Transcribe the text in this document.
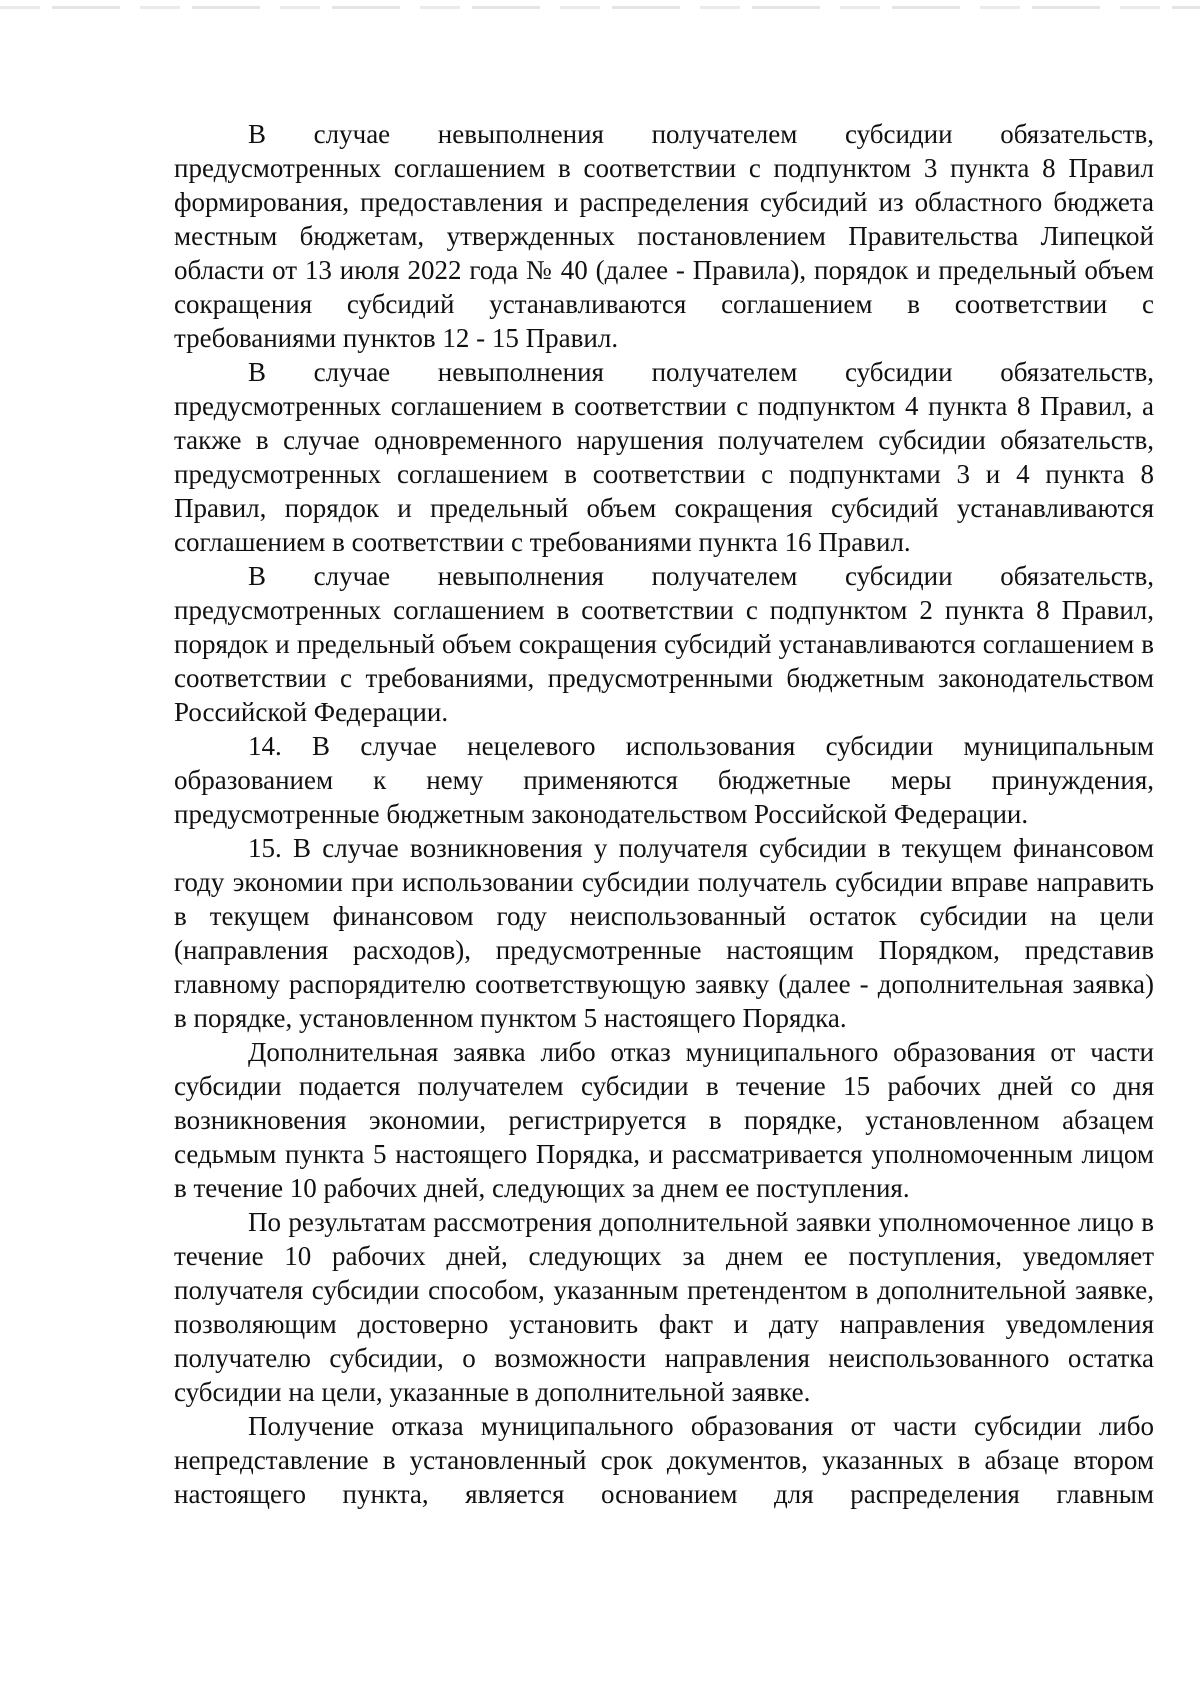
В случае невыполнения получателем субсидии обязательств, предусмотренных соглашением в соответствии с подпунктом 3 пункта 8 Правил формирования, предоставления и распределения субсидий из областного бюджета местным бюджетам, утвержденных постановлением Правительства Липецкой области от 13 июля 2022 года № 40 (далее - Правила), порядок и предельный объем сокращения субсидий устанавливаются соглашением в соответствии с требованиями пунктов 12 - 15 Правил.

В случае невыполнения получателем субсидии обязательств, предусмотренных соглашением в соответствии с подпунктом 4 пункта 8 Правил, а также в случае одновременного нарушения получателем субсидии обязательств, предусмотренных соглашением в соответствии с подпунктами 3 и 4 пункта 8 Правил, порядок и предельный объем сокращения субсидий устанавливаются соглашением в соответствии с требованиями пункта 16 Правил.

В случае невыполнения получателем субсидии обязательств, предусмотренных соглашением в соответствии с подпунктом 2 пункта 8 Правил, порядок и предельный объем сокращения субсидий устанавливаются соглашением в соответствии с требованиями, предусмотренными бюджетным законодательством Российской Федерации.

14. В случае нецелевого использования субсидии муниципальным образованием к нему применяются бюджетные меры принуждения, предусмотренные бюджетным законодательством Российской Федерации.

15. В случае возникновения у получателя субсидии в текущем финансовом году экономии при использовании субсидии получатель субсидии вправе направить в текущем финансовом году неиспользованный остаток субсидии на цели (направления расходов), предусмотренные настоящим Порядком, представив главному распорядителю соответствующую заявку (далее - дополнительная заявка) в порядке, установленном пунктом 5 настоящего Порядка.

Дополнительная заявка либо отказ муниципального образования от части субсидии подается получателем субсидии в течение 15 рабочих дней со дня возникновения экономии, регистрируется в порядке, установленном абзацем седьмым пункта 5 настоящего Порядка, и рассматривается уполномоченным лицом в течение 10 рабочих дней, следующих за днем ее поступления.

По результатам рассмотрения дополнительной заявки уполномоченное лицо в течение 10 рабочих дней, следующих за днем ее поступления, уведомляет получателя субсидии способом, указанным претендентом в дополнительной заявке, позволяющим достоверно установить факт и дату направления уведомления получателю субсидии, о возможности направления неиспользованного остатка субсидии на цели, указанные в дополнительной заявке.

Получение отказа муниципального образования от части субсидии либо непредставление в установленный срок документов, указанных в абзаце втором настоящего пункта, является основанием для распределения главным
